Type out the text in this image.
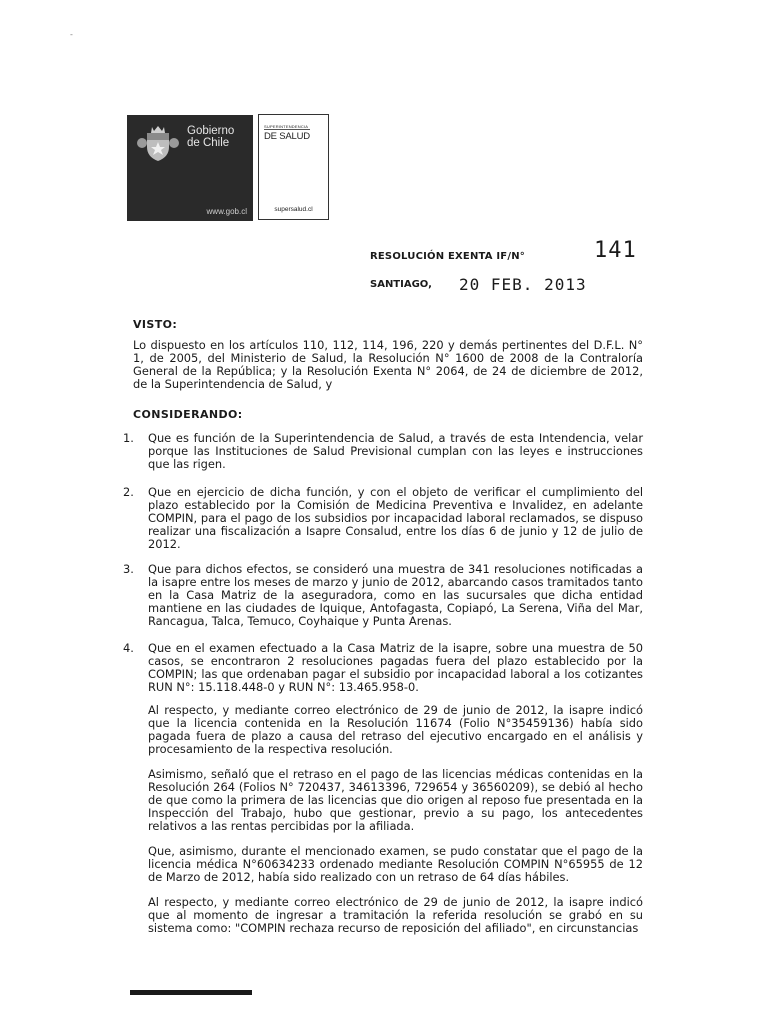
-
Gobierno
de Chile
www.gob.cl
SUPERINTENDENCIA
DE SALUD
supersalud.cl
RESOLUCIÓN EXENTA IF/N°	141
SANTIAGO, 20 FEB. 2013
VISTO:
Lo dispuesto en los artículos 110, 112, 114, 196, 220 y demás pertinentes del D.F.L. N° 1, de 2005, del Ministerio de Salud, la Resolución N° 1600 de 2008 de la Contraloría General de la República; y la Resolución Exenta N° 2064, de 24 de diciembre de 2012, de la Superintendencia de Salud, y
CONSIDERANDO:
1. Que es función de la Superintendencia de Salud, a través de esta Intendencia, velar porque las Instituciones de Salud Previsional cumplan con las leyes e instrucciones que las rigen.
2. Que en ejercicio de dicha función, y con el objeto de verificar el cumplimiento del plazo establecido por la Comisión de Medicina Preventiva e Invalidez, en adelante COMPIN, para el pago de los subsidios por incapacidad laboral reclamados, se dispuso realizar una fiscalización a Isapre Consalud, entre los días 6 de junio y 12 de julio de 2012.
3. Que para dichos efectos, se consideró una muestra de 341 resoluciones notificadas a la isapre entre los meses de marzo y junio de 2012, abarcando casos tramitados tanto en la Casa Matriz de la aseguradora, como en las sucursales que dicha entidad mantiene en las ciudades de Iquique, Antofagasta, Copiapó, La Serena, Viña del Mar, Rancagua, Talca, Temuco, Coyhaique y Punta Arenas.
4. Que en el examen efectuado a la Casa Matriz de la isapre, sobre una muestra de 50 casos, se encontraron 2 resoluciones pagadas fuera del plazo establecido por la COMPIN; las que ordenaban pagar el subsidio por incapacidad laboral a los cotizantes RUN N°: 15.118.448-0 y RUN N°: 13.465.958-0.
Al respecto, y mediante correo electrónico de 29 de junio de 2012, la isapre indicó que la licencia contenida en la Resolución 11674 (Folio N°35459136) había sido pagada fuera de plazo a causa del retraso del ejecutivo encargado en el análisis y procesamiento de la respectiva resolución.
Asimismo, señaló que el retraso en el pago de las licencias médicas contenidas en la Resolución 264 (Folios N° 720437, 34613396, 729654 y 36560209), se debió al hecho de que como la primera de las licencias que dio origen al reposo fue presentada en la Inspección del Trabajo, hubo que gestionar, previo a su pago, los antecedentes relativos a las rentas percibidas por la afiliada.
Que, asimismo, durante el mencionado examen, se pudo constatar que el pago de la licencia médica N°60634233 ordenado mediante Resolución COMPIN N°65955 de 12 de Marzo de 2012, había sido realizado con un retraso de 64 días hábiles.
Al respecto, y mediante correo electrónico de 29 de junio de 2012, la isapre indicó que al momento de ingresar a tramitación la referida resolución se grabó en su sistema como: "COMPIN rechaza recurso de reposición del afiliado", en circunstancias
